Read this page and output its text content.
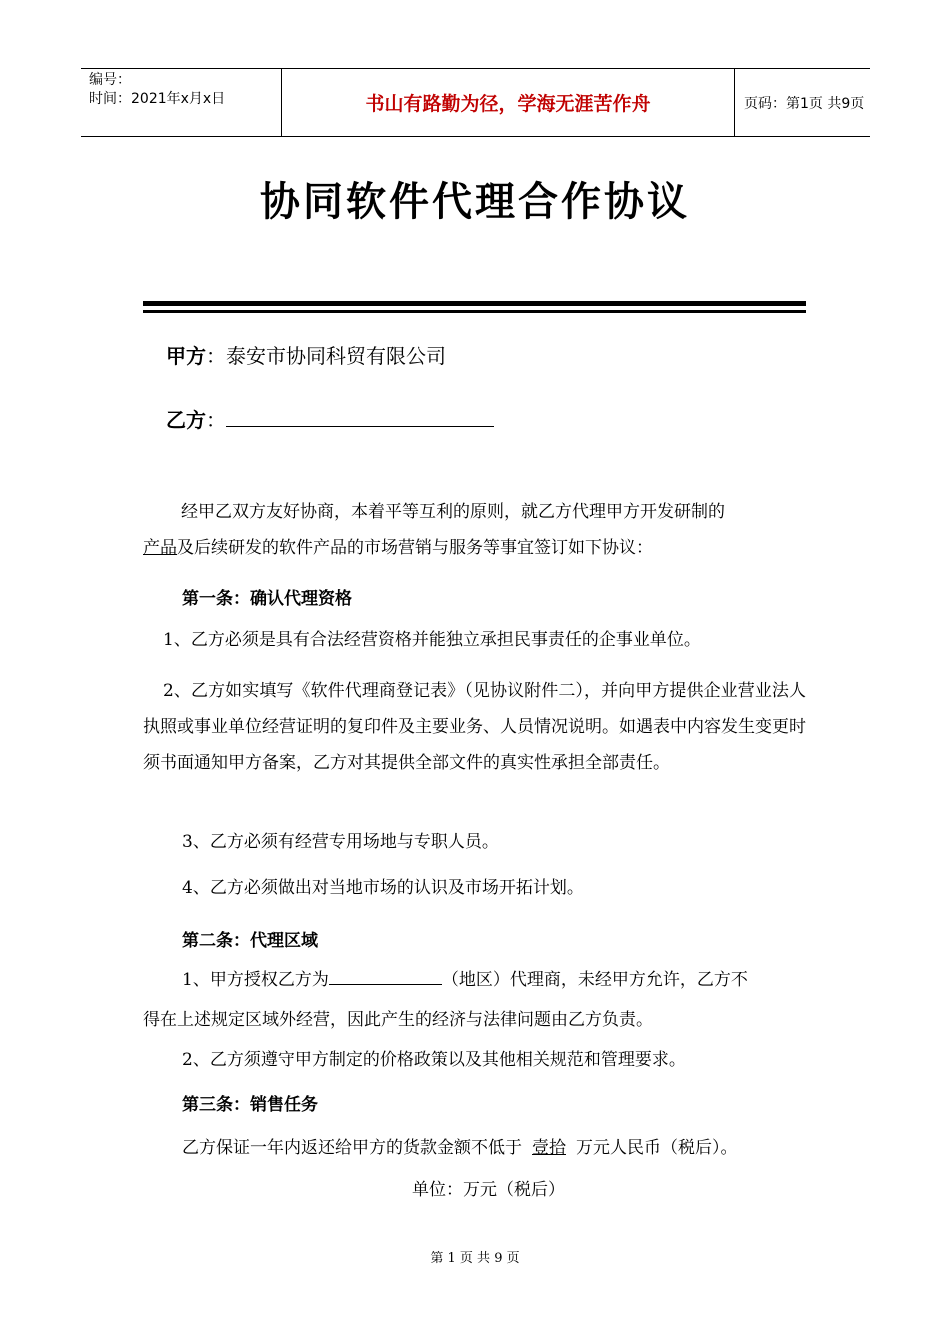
编号：
时间：2021年x月x日	书山有路勤为径，学海无涯苦作舟	页码：第1页 共9页
协同软件代理合作协议
甲方：泰安市协同科贸有限公司
乙方：
经甲乙双方友好协商，本着平等互利的原则，就乙方代理甲方开发研制的
产品及后续研发的软件产品的市场营销与服务等事宜签订如下协议：
第一条：确认代理资格
1、乙方必须是具有合法经营资格并能独立承担民事责任的企事业单位。
2、乙方如实填写《软件代理商登记表》（见协议附件二），并向甲方提供企业营业法人执照或事业单位经营证明的复印件及主要业务、人员情况说明。如遇表中内容发生变更时须书面通知甲方备案，乙方对其提供全部文件的真实性承担全部责任。
3、乙方必须有经营专用场地与专职人员。
4、乙方必须做出对当地市场的认识及市场开拓计划。
第二条：代理区域
1、甲方授权乙方为	（地区）代理商，未经甲方允许，乙方不
得在上述规定区域外经营，因此产生的经济与法律问题由乙方负责。
2、乙方须遵守甲方制定的价格政策以及其他相关规范和管理要求。
第三条：销售任务
乙方保证一年内返还给甲方的货款金额不低于 壹拾 万元人民币（税后）。
单位：万元（税后）
第 1 页 共 9 页
